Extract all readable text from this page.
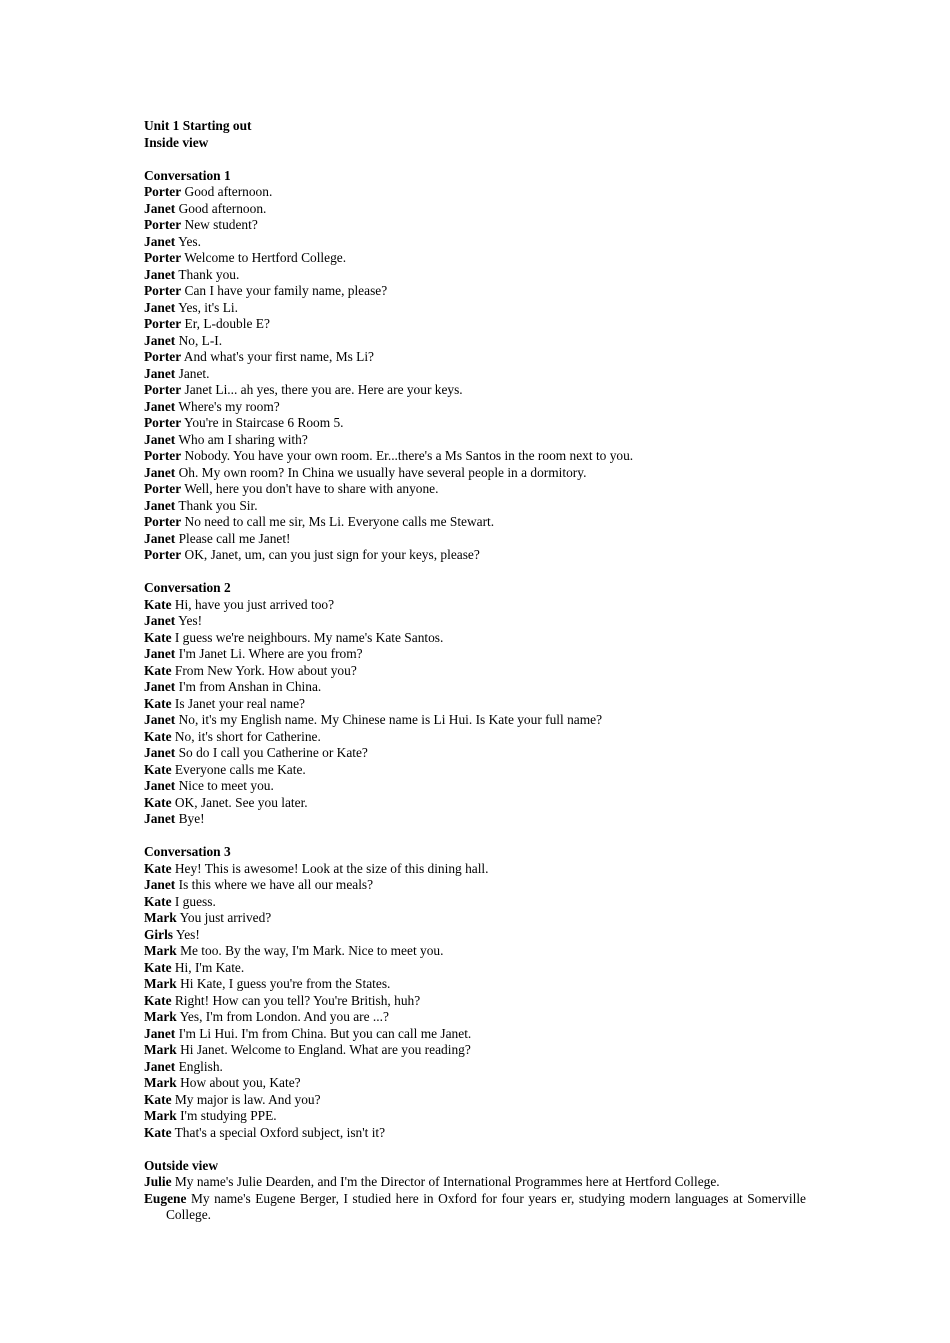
Unit 1 Starting out
Inside view
Conversation 1
Porter Good afternoon.
Janet Good afternoon.
Porter New student?
Janet Yes.
Porter Welcome to Hertford College.
Janet Thank you.
Porter Can I have your family name, please?
Janet Yes, it's Li.
Porter Er, L-double E?
Janet No, L-I.
Porter And what's your first name, Ms Li?
Janet Janet.
Porter Janet Li... ah yes, there you are. Here are your keys.
Janet Where's my room?
Porter You're in Staircase 6 Room 5.
Janet Who am I sharing with?
Porter Nobody. You have your own room. Er...there's a Ms Santos in the room next to you.
Janet Oh. My own room? In China we usually have several people in a dormitory.
Porter Well, here you don't have to share with anyone.
Janet Thank you Sir.
Porter No need to call me sir, Ms Li. Everyone calls me Stewart.
Janet Please call me Janet!
Porter OK, Janet, um, can you just sign for your keys, please?
Conversation 2
Kate Hi, have you just arrived too?
Janet Yes!
Kate I guess we're neighbours. My name's Kate Santos.
Janet I'm Janet Li. Where are you from?
Kate From New York. How about you?
Janet I'm from Anshan in China.
Kate Is Janet your real name?
Janet No, it's my English name. My Chinese name is Li Hui. Is Kate your full name?
Kate No, it's short for Catherine.
Janet So do I call you Catherine or Kate?
Kate Everyone calls me Kate.
Janet Nice to meet you.
Kate OK, Janet. See you later.
Janet Bye!
Conversation 3
Kate Hey! This is awesome! Look at the size of this dining hall.
Janet Is this where we have all our meals?
Kate I guess.
Mark You just arrived?
Girls Yes!
Mark Me too. By the way, I'm Mark. Nice to meet you.
Kate Hi, I'm Kate.
Mark Hi Kate, I guess you're from the States.
Kate Right! How can you tell? You're British, huh?
Mark Yes, I'm from London. And you are ...?
Janet I'm Li Hui. I'm from China. But you can call me Janet.
Mark Hi Janet. Welcome to England. What are you reading?
Janet English.
Mark How about you, Kate?
Kate My major is law. And you?
Mark I'm studying PPE.
Kate That's a special Oxford subject, isn't it?
Outside view
Julie My name's Julie Dearden, and I'm the Director of International Programmes here at Hertford College.
Eugene My name's Eugene Berger, I studied here in Oxford for four years er, studying modern languages at Somerville College.
